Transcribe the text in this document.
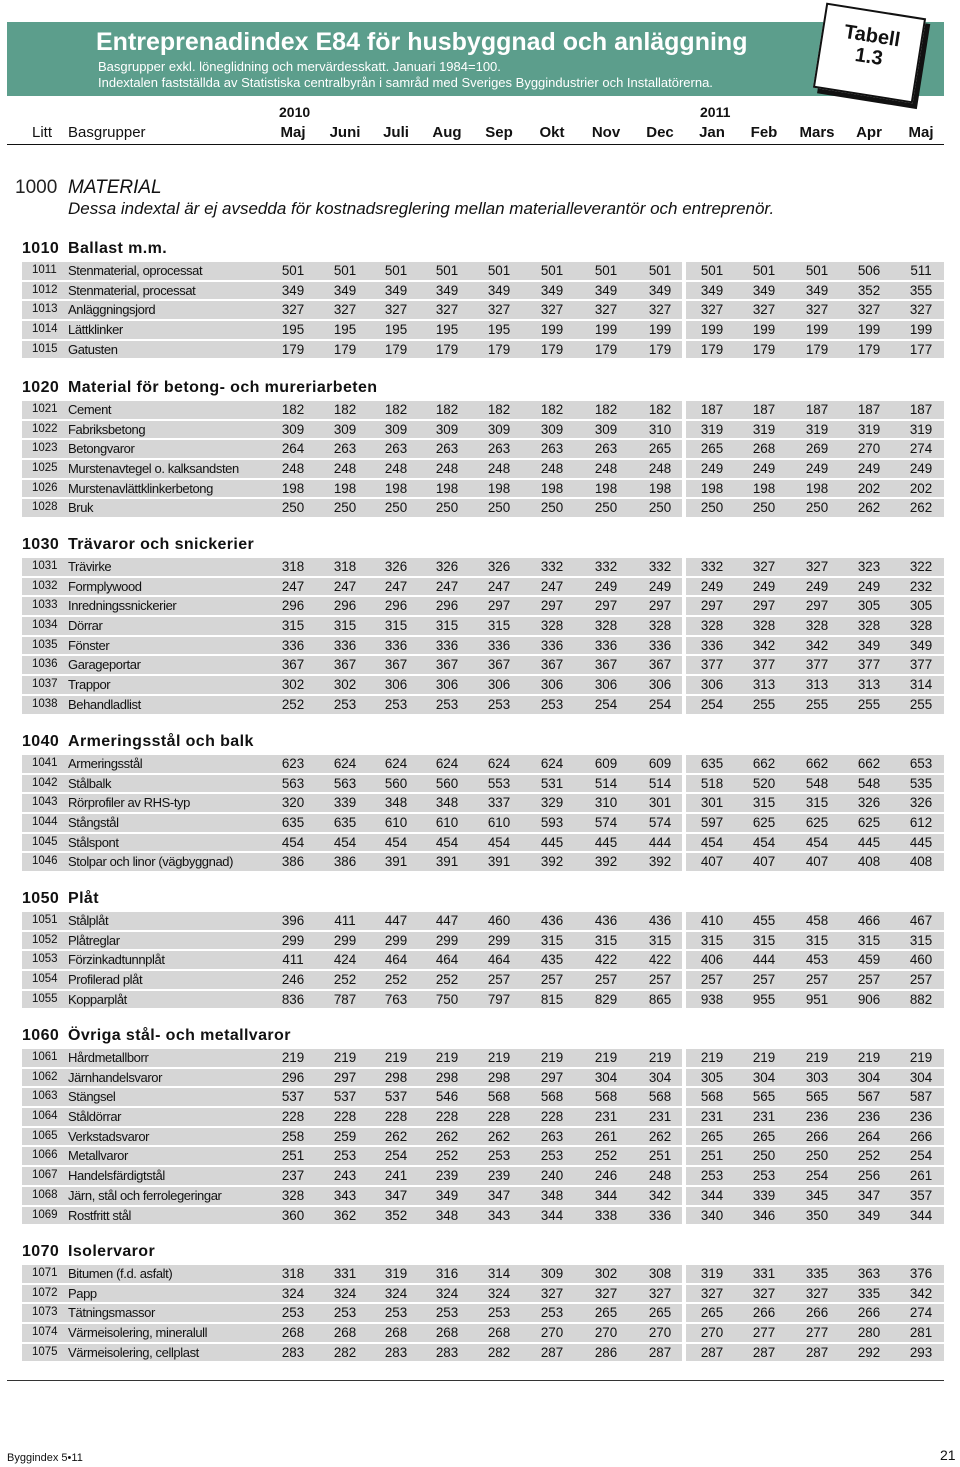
Entreprenadindex E84 för husbyggnad och anläggning
Basgrupper exkl. löneglidning och mervärdesskatt. Januari 1984=100.
Indextalen fastställda av Statistiska centralbyrån i samråd med Sveriges Byggindustrier och Installatörerna.
Tabell
1.3
2010	2011
Litt Basgrupper	Maj	Juni	Juli	Aug	Sep	Okt	Nov	Dec	Jan	Feb	Mars	Apr	Maj
1000 MATERIAL
Dessa indextal är ej avsedda för kostnadsreglering mellan materialleverantör och entreprenör.
1010 Ballast m.m.
1011 Stenmaterial, oprocessat	501	501	501	501	501	501	501	501	501	501	501	506	511
1012 Stenmaterial, processat	349	349	349	349	349	349	349	349	349	349	349	352	355
1013 Anläggningsjord	327	327	327	327	327	327	327	327	327	327	327	327	327
1014 Lättklinker	195	195	195	195	195	199	199	199	199	199	199	199	199
1015 Gatusten	179	179	179	179	179	179	179	179	179	179	179	179	177
1020 Material för betong- och mureriarbeten
1021 Cement	182	182	182	182	182	182	182	182	187	187	187	187	187
1022 Fabriksbetong	309	309	309	309	309	309	309	310	319	319	319	319	319
1023 Betongvaror	264	263	263	263	263	263	263	265	265	268	269	270	274
1025 Murstenavtegel o. kalksandsten	248	248	248	248	248	248	248	248	249	249	249	249	249
1026 Murstenavlättklinkerbetong	198	198	198	198	198	198	198	198	198	198	198	202	202
1028 Bruk	250	250	250	250	250	250	250	250	250	250	250	262	262
1030 Trävaror och snickerier
1031 Trävirke	318	318	326	326	326	332	332	332	332	327	327	323	322
1032 Formplywood	247	247	247	247	247	247	249	249	249	249	249	249	232
1033 Inredningssnickerier	296	296	296	296	297	297	297	297	297	297	297	305	305
1034 Dörrar	315	315	315	315	315	328	328	328	328	328	328	328	328
1035 Fönster	336	336	336	336	336	336	336	336	336	342	342	349	349
1036 Garageportar	367	367	367	367	367	367	367	367	377	377	377	377	377
1037 Trappor	302	302	306	306	306	306	306	306	306	313	313	313	314
1038 Behandladlist	252	253	253	253	253	253	254	254	254	255	255	255	255
1040 Armeringsstål och balk
1041 Armeringsstål	623	624	624	624	624	624	609	609	635	662	662	662	653
1042 Stålbalk	563	563	560	560	553	531	514	514	518	520	548	548	535
1043 Rörprofiler av RHS-typ	320	339	348	348	337	329	310	301	301	315	315	326	326
1044 Stångstål	635	635	610	610	610	593	574	574	597	625	625	625	612
1045 Stålspont	454	454	454	454	454	445	445	444	454	454	454	445	445
1046 Stolpar och linor (vägbyggnad)	386	386	391	391	391	392	392	392	407	407	407	408	408
1050 Plåt
1051 Stålplåt	396	411	447	447	460	436	436	436	410	455	458	466	467
1052 Plåtreglar	299	299	299	299	299	315	315	315	315	315	315	315	315
1053 Förzinkadtunnplåt	411	424	464	464	464	435	422	422	406	444	453	459	460
1054 Profilerad plåt	246	252	252	252	257	257	257	257	257	257	257	257	257
1055 Kopparplåt	836	787	763	750	797	815	829	865	938	955	951	906	882
1060 Övriga stål- och metallvaror
1061 Hårdmetallborr	219	219	219	219	219	219	219	219	219	219	219	219	219
1062 Järnhandelsvaror	296	297	298	298	298	297	304	304	305	304	303	304	304
1063 Stängsel	537	537	537	546	568	568	568	568	568	565	565	567	587
1064 Ståldörrar	228	228	228	228	228	228	231	231	231	231	236	236	236
1065 Verkstadsvaror	258	259	262	262	262	263	261	262	265	265	266	264	266
1066 Metallvaror	251	253	254	252	253	253	252	251	251	250	250	252	254
1067 Handelsfärdigtstål	237	243	241	239	239	240	246	248	253	253	254	256	261
1068 Järn, stål och ferrolegeringar	328	343	347	349	347	348	344	342	344	339	345	347	357
1069 Rostfritt stål	360	362	352	348	343	344	338	336	340	346	350	349	344
1070 Isolervaror
1071 Bitumen (f.d. asfalt)	318	331	319	316	314	309	302	308	319	331	335	363	376
1072 Papp	324	324	324	324	324	327	327	327	327	327	327	335	342
1073 Tätningsmassor	253	253	253	253	253	253	265	265	265	266	266	266	274
1074 Värmeisolering, mineralull	268	268	268	268	268	270	270	270	270	277	277	280	281
1075 Värmeisolering, cellplast	283	282	283	283	282	287	286	287	287	287	287	292	293
Byggindex 5•11	21
